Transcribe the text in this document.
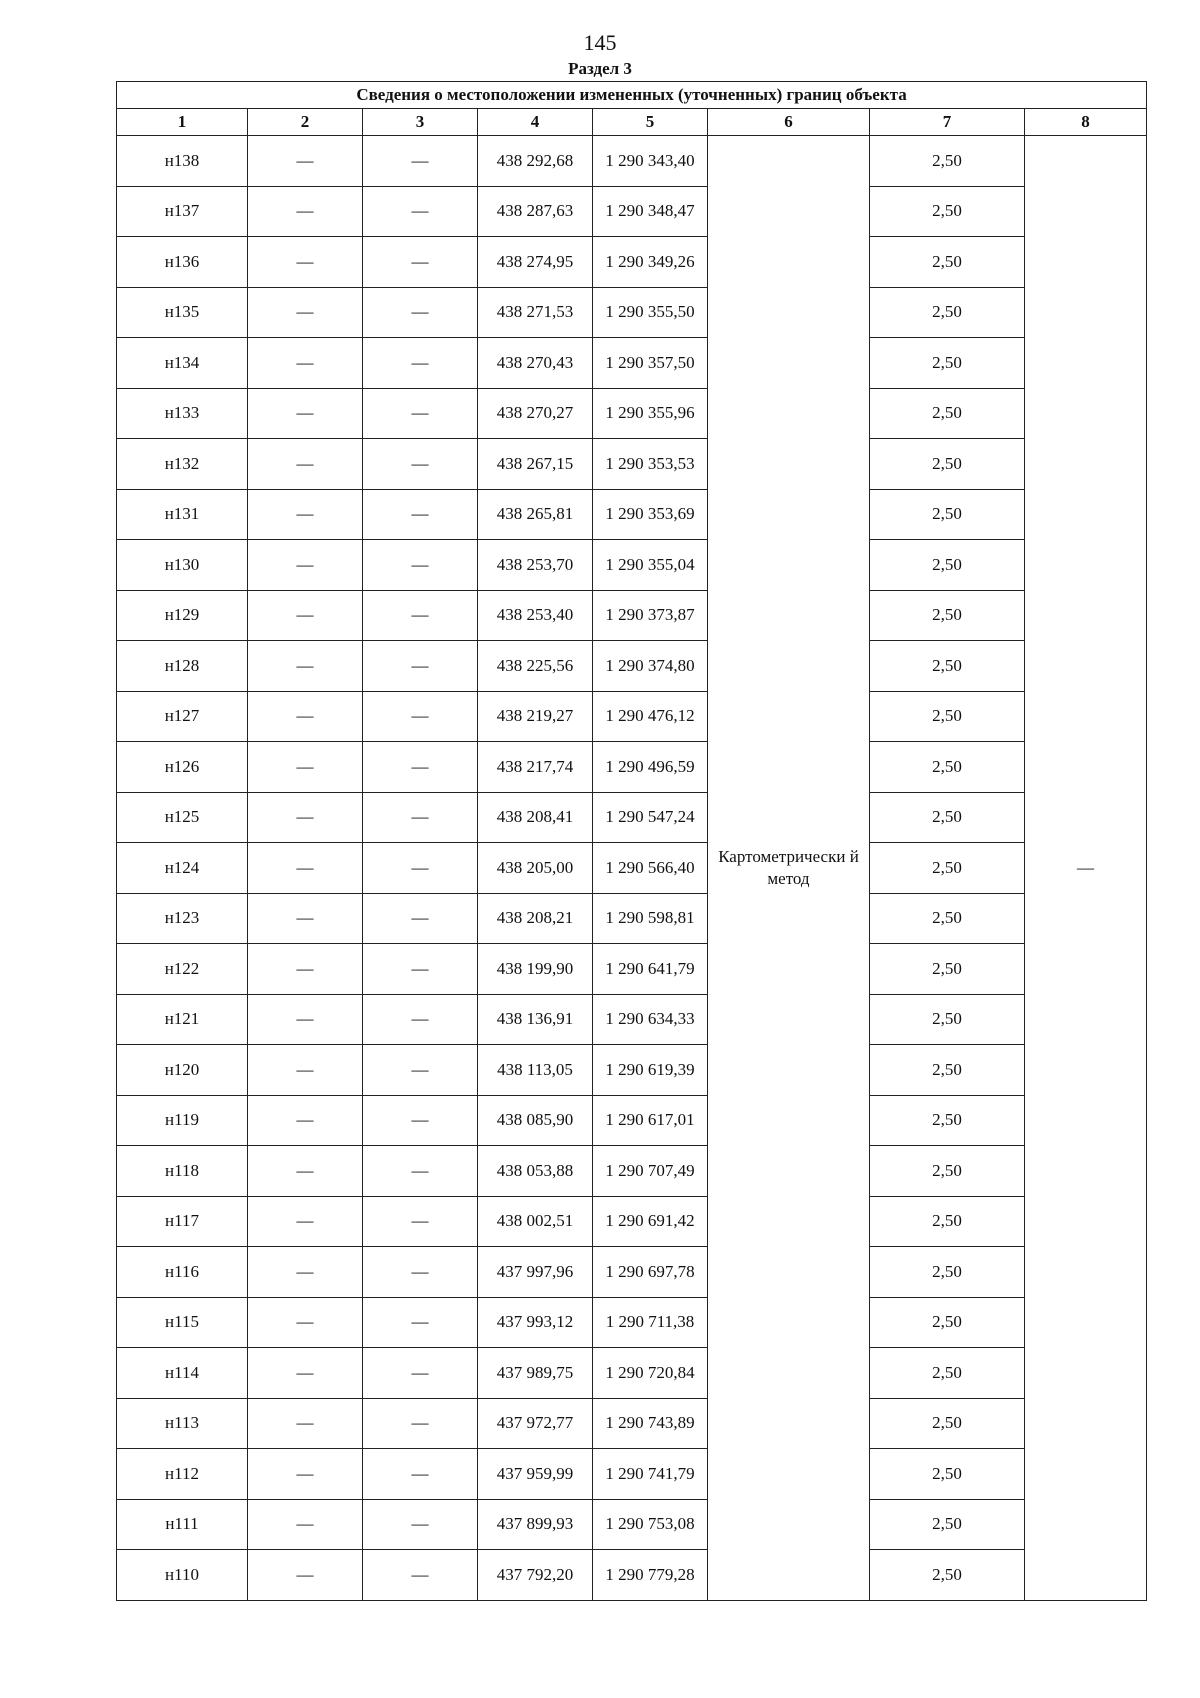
145
Раздел 3
Сведения о местоположении измененных (уточненных) границ объекта							
1	2	3	4	5	6	7	8
н138	—	—	438 292,68	1 290 343,40	Картометрически й метод	2,50	—
н137	—	—	438 287,63	1 290 348,47		2,50	
н136	—	—	438 274,95	1 290 349,26		2,50	
н135	—	—	438 271,53	1 290 355,50		2,50	
н134	—	—	438 270,43	1 290 357,50		2,50	
н133	—	—	438 270,27	1 290 355,96		2,50	
н132	—	—	438 267,15	1 290 353,53		2,50	
н131	—	—	438 265,81	1 290 353,69		2,50	
н130	—	—	438 253,70	1 290 355,04		2,50	
н129	—	—	438 253,40	1 290 373,87		2,50	
н128	—	—	438 225,56	1 290 374,80		2,50	
н127	—	—	438 219,27	1 290 476,12		2,50	
н126	—	—	438 217,74	1 290 496,59		2,50	
н125	—	—	438 208,41	1 290 547,24		2,50	
н124	—	—	438 205,00	1 290 566,40		2,50	
н123	—	—	438 208,21	1 290 598,81		2,50	
н122	—	—	438 199,90	1 290 641,79		2,50	
н121	—	—	438 136,91	1 290 634,33		2,50	
н120	—	—	438 113,05	1 290 619,39		2,50	
н119	—	—	438 085,90	1 290 617,01		2,50	
н118	—	—	438 053,88	1 290 707,49		2,50	
н117	—	—	438 002,51	1 290 691,42		2,50	
н116	—	—	437 997,96	1 290 697,78		2,50	
н115	—	—	437 993,12	1 290 711,38		2,50	
н114	—	—	437 989,75	1 290 720,84		2,50	
н113	—	—	437 972,77	1 290 743,89		2,50	
н112	—	—	437 959,99	1 290 741,79		2,50	
н111	—	—	437 899,93	1 290 753,08		2,50	
н110	—	—	437 792,20	1 290 779,28		2,50	
